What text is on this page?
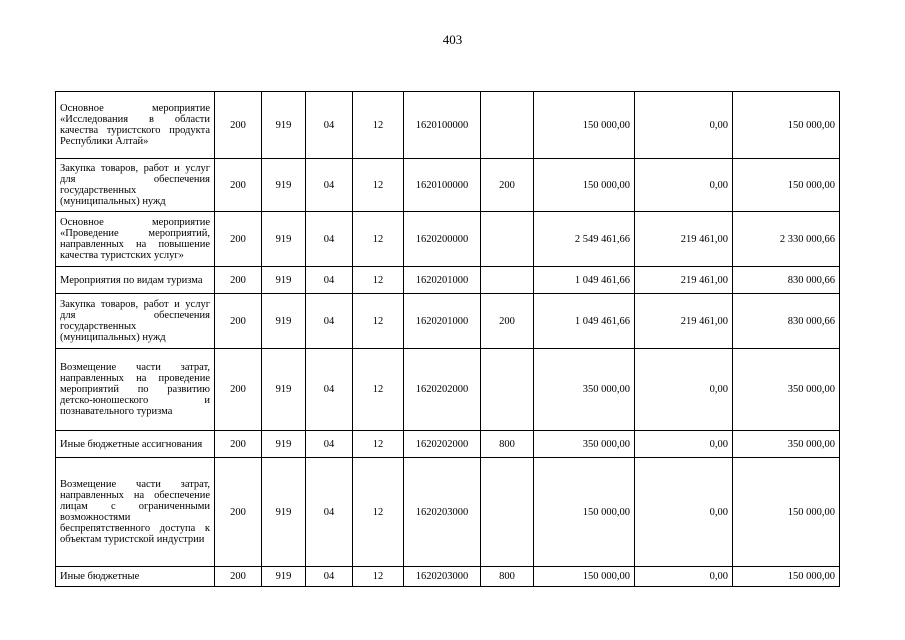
403
Основное мероприятие «Исследования в области качества туристского продукта Республики Алтай»	200	919	04	12	1620100000		150 000,00	0,00	150 000,00
Закупка товаров, работ и услуг для обеспечения государственных (муниципальных) нужд	200	919	04	12	1620100000	200	150 000,00	0,00	150 000,00
Основное мероприятие «Проведение мероприятий, направленных на повышение качества туристских услуг»	200	919	04	12	1620200000		2 549 461,66	219 461,00	2 330 000,66
Мероприятия по видам туризма	200	919	04	12	1620201000		1 049 461,66	219 461,00	830 000,66
Закупка товаров, работ и услуг для обеспечения государственных (муниципальных) нужд	200	919	04	12	1620201000	200	1 049 461,66	219 461,00	830 000,66
Возмещение части затрат, направленных на проведение мероприятий по развитию детско-юношеского и познавательного туризма	200	919	04	12	1620202000		350 000,00	0,00	350 000,00
Иные бюджетные ассигнования	200	919	04	12	1620202000	800	350 000,00	0,00	350 000,00
Возмещение части затрат, направленных на обеспечение лицам с ограниченными возможностями беспрепятственного доступа к объектам туристской индустрии	200	919	04	12	1620203000		150 000,00	0,00	150 000,00
Иные бюджетные	200	919	04	12	1620203000	800	150 000,00	0,00	150 000,00
